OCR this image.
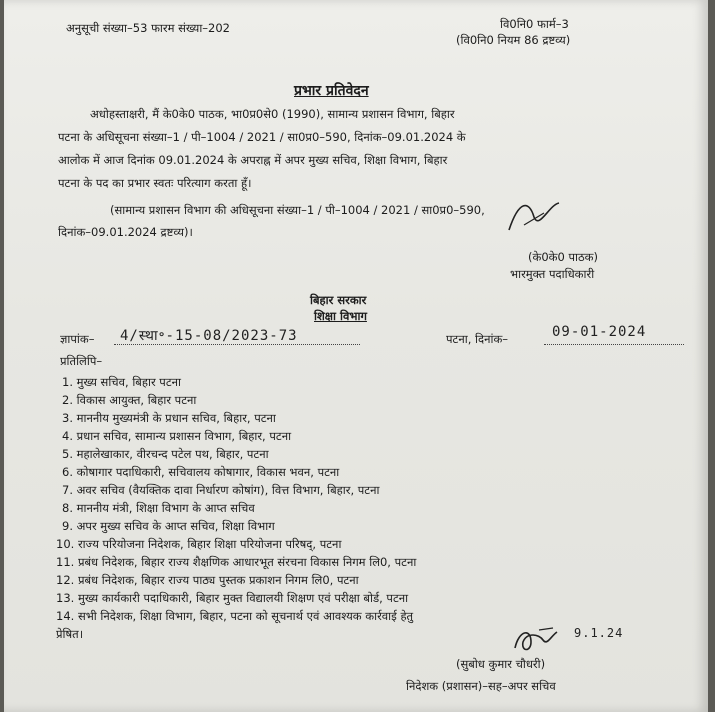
अनुसूची संख्या–53 फारम संख्या–202	वि0नि0 फार्म–3
(वि0नि0 नियम 86 द्रष्टव्य)
प्रभार प्रतिवेदन
अधोहस्ताक्षरी, मैं के0के0 पाठक, भा0प्र0से0 (1990), सामान्य प्रशासन विभाग, बिहार
पटना के अधिसूचना संख्या–1 / पी–1004 / 2021 / सा0प्र0–590, दिनांक–09.01.2024 के
आलोक में आज दिनांक 09.01.2024 के अपराह्न में अपर मुख्य सचिव, शिक्षा विभाग, बिहार
पटना के पद का प्रभार स्वतः परित्याग करता हूँ।
(सामान्य प्रशासन विभाग की अधिसूचना संख्या–1 / पी–1004 / 2021 / सा0प्र0–590,
दिनांक–09.01.2024 द्रष्टव्य)।
(के0के0 पाठक)
भारमुक्त पदाधिकारी
बिहार सरकार
शिक्षा विभाग
ज्ञापांक– 4/स्था॰-15-08/2023-73	पटना, दिनांक–	09-01-2024
प्रतिलिपि–
1. मुख्य सचिव, बिहार पटना
2. विकास आयुक्त, बिहार पटना
3. माननीय मुख्यमंत्री के प्रधान सचिव, बिहार, पटना
4. प्रधान सचिव, सामान्य प्रशासन विभाग, बिहार, पटना
5. महालेखाकार, वीरचन्द पटेल पथ, बिहार, पटना
6. कोषागार पदाधिकारी, सचिवालय कोषागार, विकास भवन, पटना
7. अवर सचिव (वैयक्तिक दावा निर्धारण कोषांग), वित्त विभाग, बिहार, पटना
8. माननीय मंत्री, शिक्षा विभाग के आप्त सचिव
9. अपर मुख्य सचिव के आप्त सचिव, शिक्षा विभाग
10. राज्य परियोजना निदेशक, बिहार शिक्षा परियोजना परिषद्, पटना
11. प्रबंध निदेशक, बिहार राज्य शैक्षणिक आधारभूत संरचना विकास निगम लि0, पटना
12. प्रबंध निदेशक, बिहार राज्य पाठ्य पुस्तक प्रकाशन निगम लि0, पटना
13. मुख्य कार्यकारी पदाधिकारी, बिहार मुक्त विद्यालयी शिक्षण एवं परीक्षा बोर्ड, पटना
14. सभी निदेशक, शिक्षा विभाग, बिहार, पटना को सूचनार्थ एवं आवश्यक कार्रवाई हेतु
प्रेषित।	9.1.24
(सुबोध कुमार चौधरी)
निदेशक (प्रशासन)–सह–अपर सचिव
